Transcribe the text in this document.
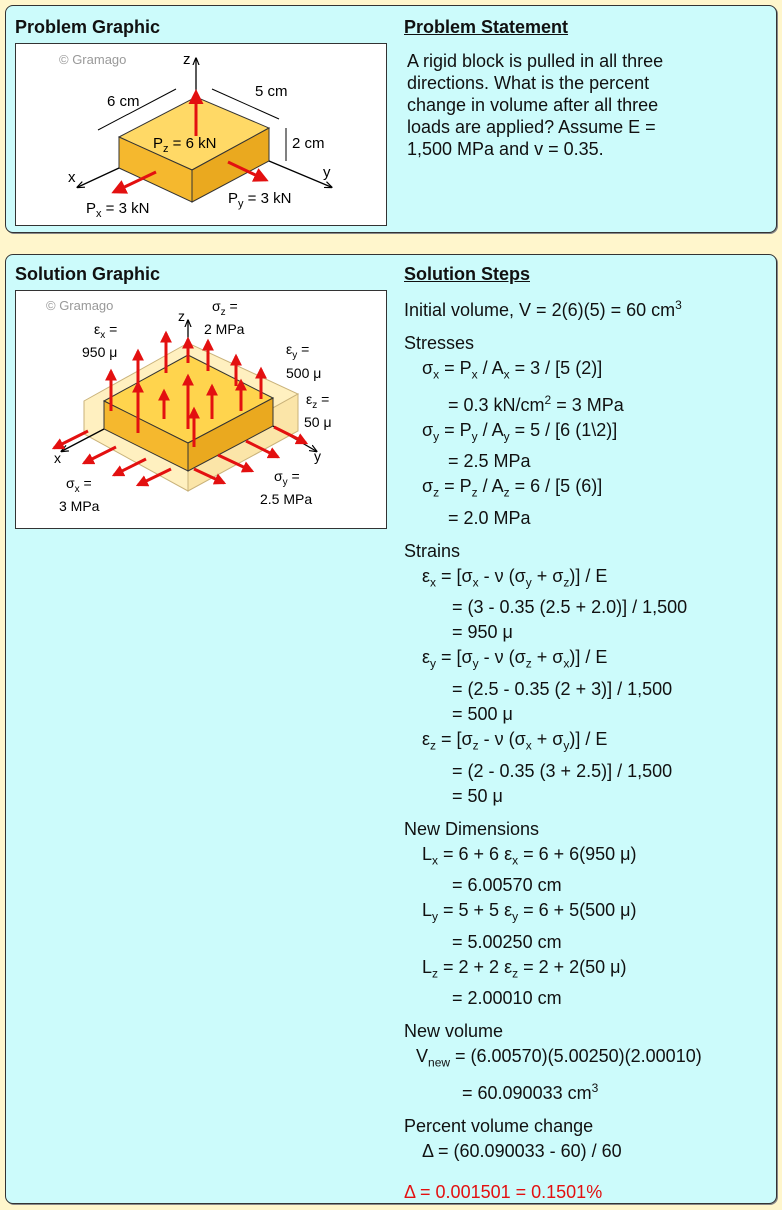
Problem Graphic	Problem Statement
© Gramago	z
y
x
6 cm
5 cm
2 cm
$P_z = 6$ kN
$P_x = 3$ kN
$P_y = 3$ kN
A rigid block is pulled in all three
directions. What is the percent
change in volume after all three
loads are applied? Assume E =
1,500 MPa and v = 0.35.
Solution Graphic	Solution Steps
© Gramago
z
y
x
$\sigma_z$ =
2 MPa
$\varepsilon_x$ =
950 μ	$\varepsilon_y$ =
500 μ
$\varepsilon_z$ =
50 μ
$\sigma_x$ =
3 MPa
$\sigma_y$ =
2.5 MPa
Initial volume, V = 2(6)(5) = 60 $cm^3$
Stresses
$\sigma_x = P_x / A_x = 3 / [5$ (2)]
= 0.3 $kN/cm^2 = 3$ MPa
$\sigma_y = P_y / A_y = 5 / [6$ (1\2)]
= 2.5 MPa
$\sigma_z = P_z / A_z = 6 / [5$ (6)]
= 2.0 MPa
Strains
$\varepsilon_x = [\sigma_x - \nu$ $(\sigma_y + \sigma_z)] / E$
= (3 - 0.35 (2.5 + 2.0)] / 1,500
= 950 μ
$\varepsilon_y = [\sigma_y - \nu$ $(\sigma_z + \sigma_x)] / E$
= (2.5 - 0.35 (2 + 3)] / 1,500
= 500 μ
$\varepsilon_z = [\sigma_z - \nu$ $(\sigma_x + \sigma_y)] / E$
= (2 - 0.35 (3 + 2.5)] / 1,500
= 50 μ
New Dimensions
$L_x = 6 + 6$ $\varepsilon_x = 6 + 6(950$ μ)
= 6.00570 cm
$L_y = 5 + 5$ $\varepsilon_y = 6 + 5(500$ μ)
= 5.00250 cm
$L_z = 2 + 2$ $\varepsilon_z = 2 + 2(50$ μ)
= 2.00010 cm
New volume
$V_{new} = (6.00570)(5.00250)(2.00010)$
= 60.090033 $cm^3$
Percent volume change
Δ = (60.090033 - 60) / 60
Δ = 0.001501 = 0.1501%
